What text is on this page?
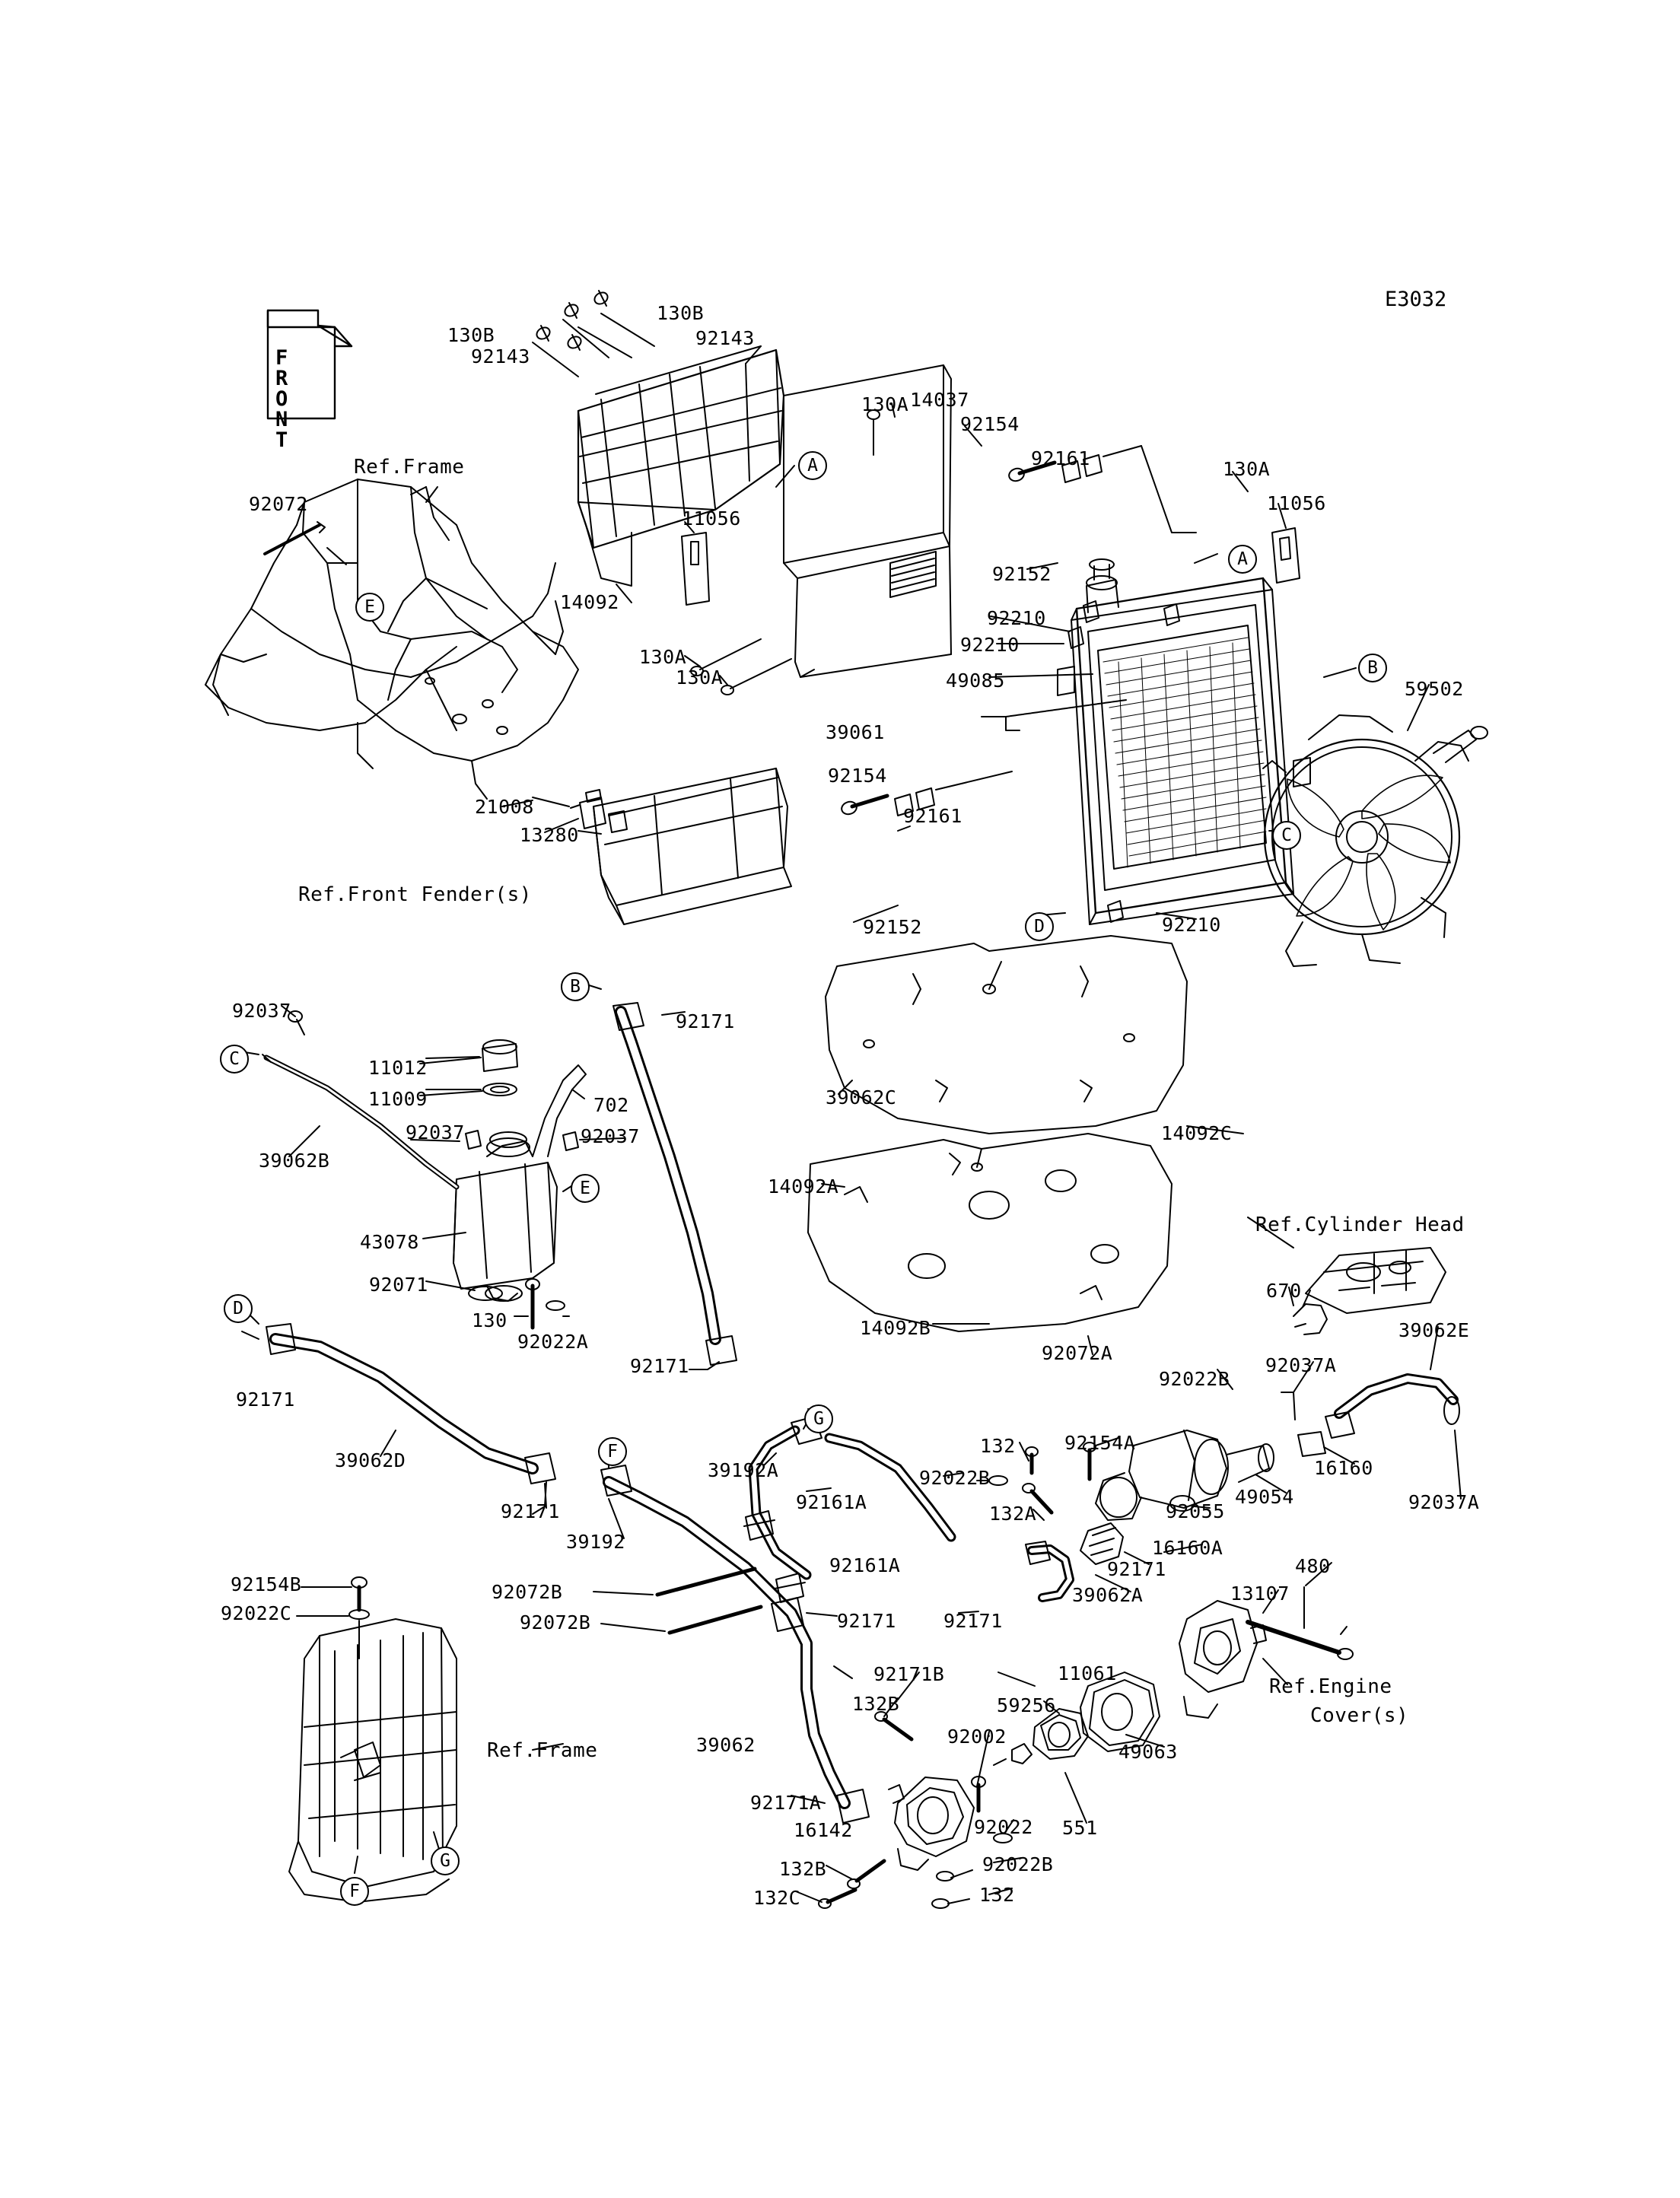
F
R
O
N
T
E3032
Ref.Frame
Ref.Front Fender(s)
Ref.Cylinder Head
Ref.Engine
Cover(s)
Ref.Frame
130B
130B	92143
92143
130A 14037
92154
92161	130A
11056
92072
11056
92152
14092
130A
92210
92210
49085	59502
130A
39061
92154
92161
21008
13280
92152	92210
92037	92171
39062C
11012
11009	702
92037	92037
39062B
14092C
14092A
43078
92071	670
92022A
130	14092B	39062E
92171
92072A
92022B
92037A
92171
39192A
132	92154A
16160
92037A
39062D
92022B
49054
92171	132A
39192
92161A	92055
16160A
480
92161A	92171
13107
92154B	92072B	39062A
92022C	92171 92171
92072B
92171B	11061
132B	59256
39062	92002
49063
92171A
16142	92022 551
132B	92022B
132C	132
A
A
E
B
C
D
B
C
E
D
G
F
G
F
